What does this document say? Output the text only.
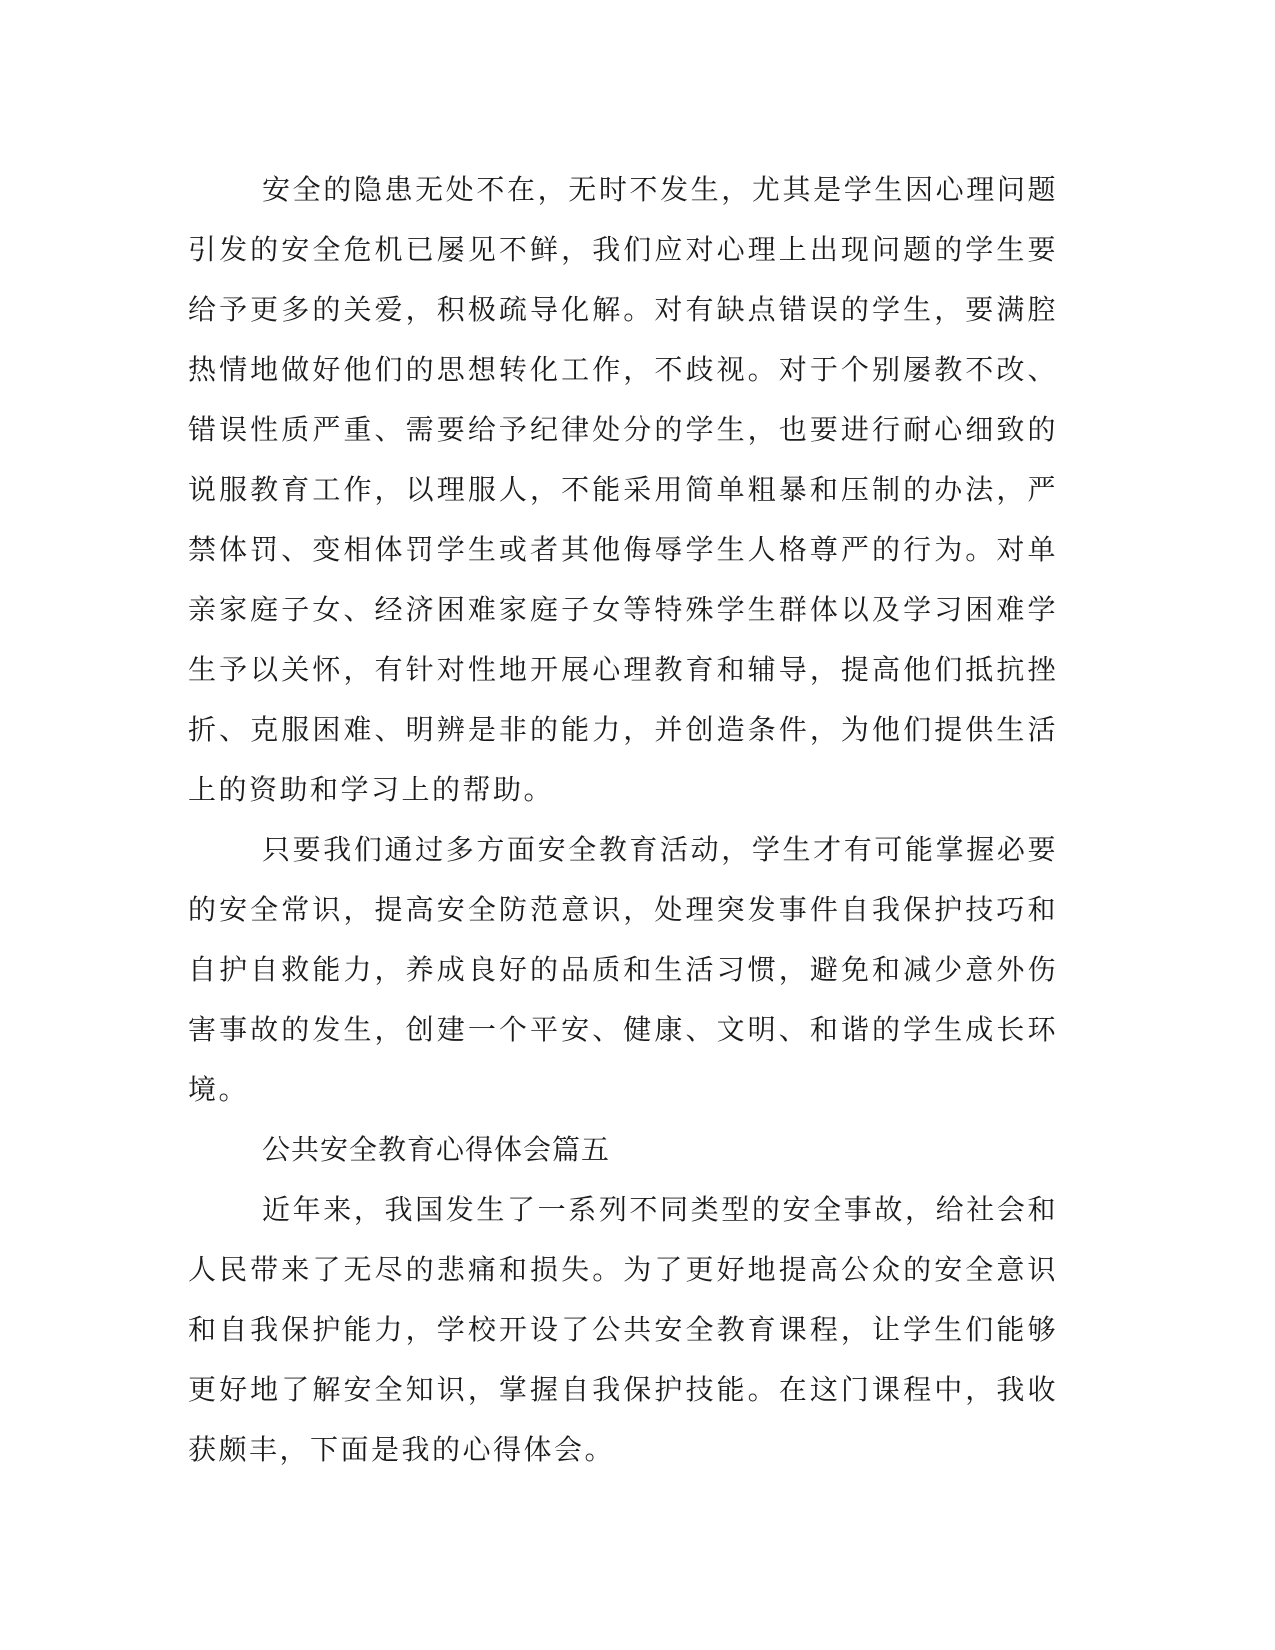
安全的隐患无处不在，无时不发生，尤其是学生因心理问题引发的安全危机已屡见不鲜，我们应对心理上出现问题的学生要给予更多的关爱，积极疏导化解。对有缺点错误的学生，要满腔热情地做好他们的思想转化工作，不歧视。对于个别屡教不改、错误性质严重、需要给予纪律处分的学生，也要进行耐心细致的说服教育工作，以理服人，不能采用简单粗暴和压制的办法，严禁体罚、变相体罚学生或者其他侮辱学生人格尊严的行为。对单亲家庭子女、经济困难家庭子女等特殊学生群体以及学习困难学生予以关怀，有针对性地开展心理教育和辅导，提高他们抵抗挫折、克服困难、明辨是非的能力，并创造条件，为他们提供生活上的资助和学习上的帮助。

只要我们通过多方面安全教育活动，学生才有可能掌握必要的安全常识，提高安全防范意识，处理突发事件自我保护技巧和自护自救能力，养成良好的品质和生活习惯，避免和减少意外伤害事故的发生，创建一个平安、健康、文明、和谐的学生成长环境。

公共安全教育心得体会篇五

近年来，我国发生了一系列不同类型的安全事故，给社会和人民带来了无尽的悲痛和损失。为了更好地提高公众的安全意识和自我保护能力，学校开设了公共安全教育课程，让学生们能够更好地了解安全知识，掌握自我保护技能。在这门课程中，我收获颇丰，下面是我的心得体会。
